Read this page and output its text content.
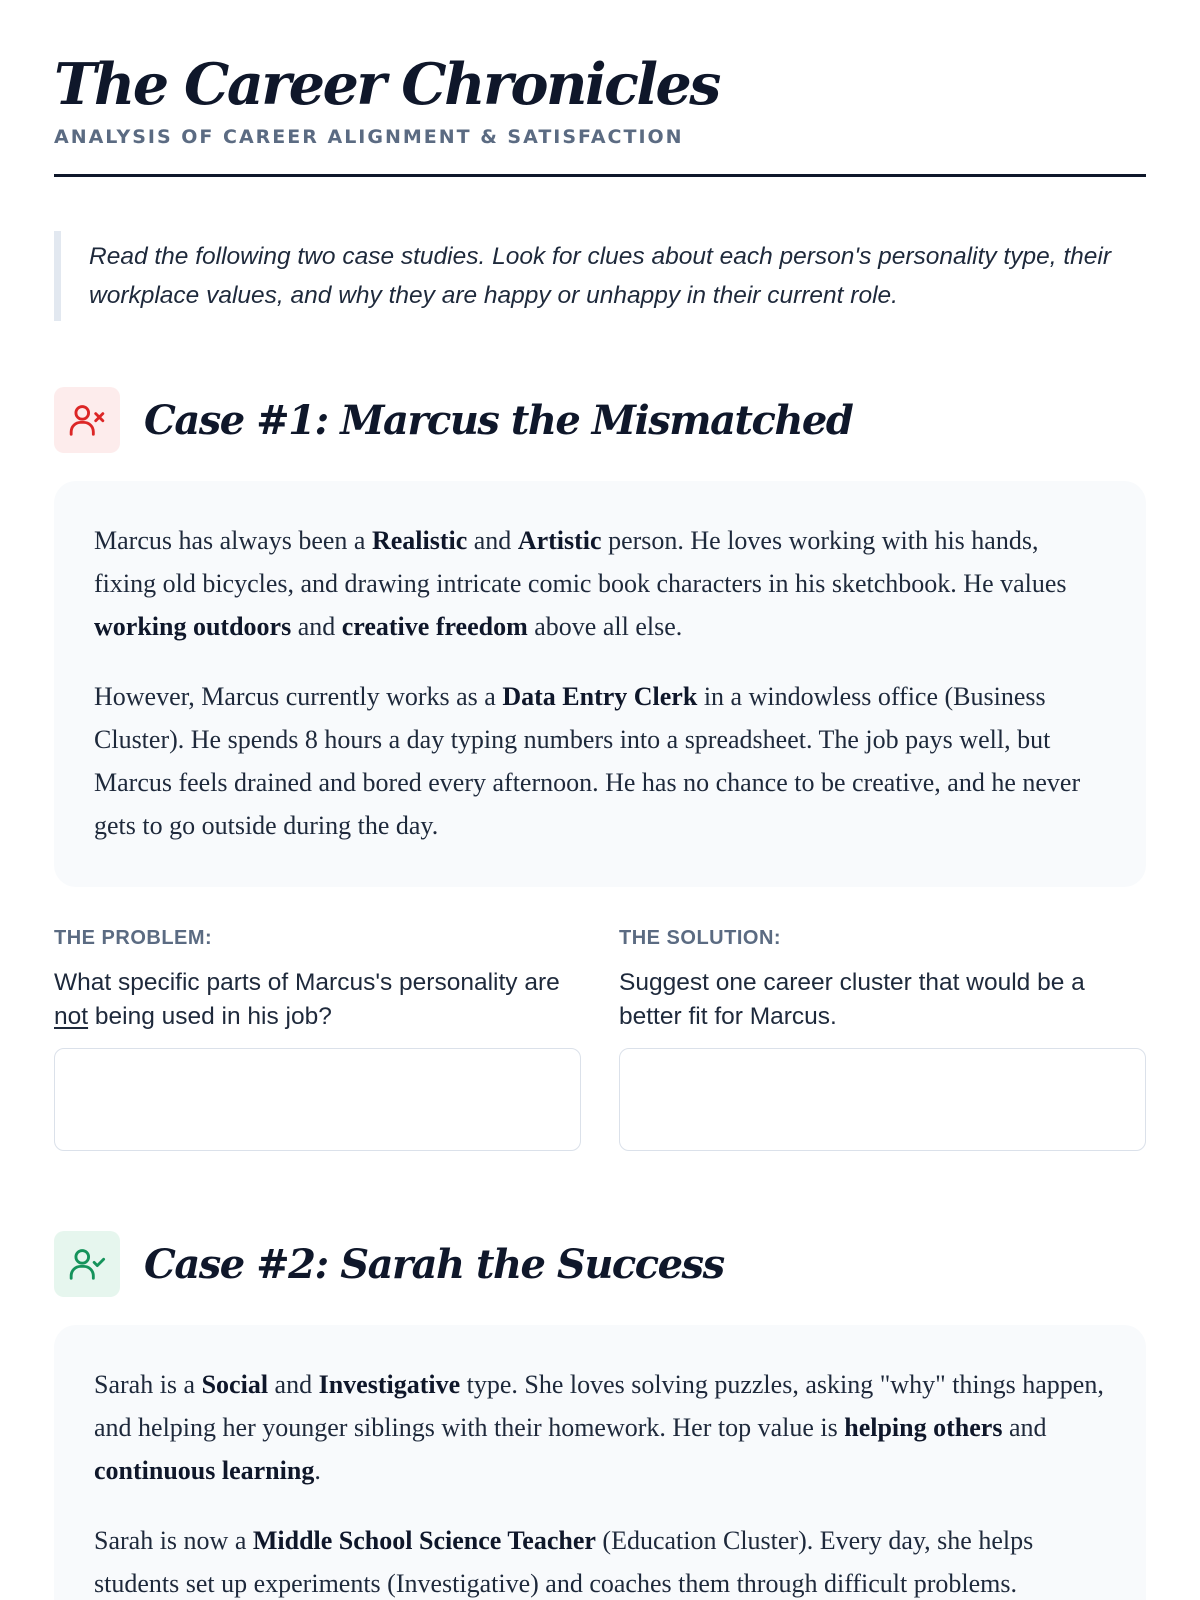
The Career Chronicles
ANALYSIS OF CAREER ALIGNMENT & SATISFACTION
Read the following two case studies. Look for clues about each person's personality type, their workplace values, and why they are happy or unhappy in their current role.
Case #1: Marcus the Mismatched

Marcus has always been a Realistic and Artistic person. He loves working with his hands, fixing old bicycles, and drawing intricate comic book characters in his sketchbook. He values working outdoors and creative freedom above all else.

However, Marcus currently works as a Data Entry Clerk in a windowless office (Business Cluster). He spends 8 hours a day typing numbers into a spreadsheet. The job pays well, but Marcus feels drained and bored every afternoon. He has no chance to be creative, and he never gets to go outside during the day.

THE PROBLEM:
What specific parts of Marcus's personality are not being used in his job?
THE SOLUTION:
Suggest one career cluster that would be a better fit for Marcus.
Case #2: Sarah the Success

Sarah is a Social and Investigative type. She loves solving puzzles, asking "why" things happen, and helping her younger siblings with their homework. Her top value is helping others and continuous learning.

Sarah is now a Middle School Science Teacher (Education Cluster). Every day, she helps students set up experiments (Investigative) and coaches them through difficult problems.
